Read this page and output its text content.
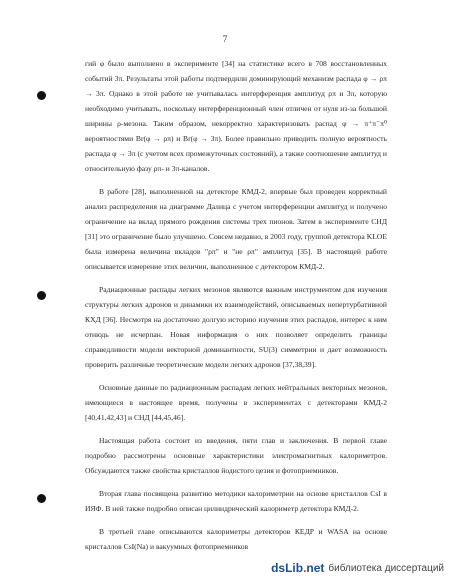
7

гий φ было выполнено в эксперименте [34] на статистике всего в 708 восстановленных событий 3π. Результаты этой работы подтвердили доминирующий механизм распада φ → ρπ → 3π. Однако в этой работе не учитывалась интерференция амплитуд ρπ и 3π, которую необходимо учитывать, поскольку интерференционный член отличен от нуля из-за большой ширины ρ-мезона. Таким образом, некорректно характеризовать распад φ → π⁺π⁻π⁰ вероятностями Br(φ → ρπ) и Br(φ → 3π). Более правильно приводить полную вероятность распада φ → 3π (с учетом всех промежуточных состояний), а также соотношение амплитуд и относительную фазу ρπ- и 3π-каналов.

В работе [28], выполненной на детекторе КМД-2, впервые был проведен корректный анализ распределения на диаграмме Далица с учетом интерференции амплитуд и получено ограничение на вклад прямого рождения системы трех пионов. Затем в эксперименте СНД [31] это ограничение было улучшено. Совсем недавно, в 2003 году, группой детектора KLOE была измерена величина вкладов "ρπ" и "не ρπ" амплитуд [35]. В настоящей работе описывается измерение этих величин, выполненное с детектором КМД-2.

Радиационные распады легких мезонов являются важным инструментом для изучения структуры легких адронов и динамики их взаимодействий, описываемых непертурбативной КХД [36]. Несмотря на достаточно долгую историю изучения этих распадов, интерес к ним отнюдь не исчерпан. Новая информация о них позволяет определить границы справедливости модели векторной доминантности, SU(3) симметрии и дает возможность проверить различные теоретические модели легких адронов [37,38,39].

Основные данные по радиационным распадам легких нейтральных векторных мезонов, имеющиеся в настоящее время, получены в экспериментах с детекторами КМД-2 [40,41,42,43] и СНД [44,45,46].

Настоящая работа состоит из введения, пяти глав и заключения. В первой главе подробно рассмотрены основные характеристики электромагнитных калориметров. Обсуждаются также свойства кристаллов йодистого цезия и фотоприемников.

Вторая глава посвящена развитию методики калориметрии на основе кристаллов CsI в ИЯФ. В ней также подробно описан цилиндрический калориметр детектора КМД-2.

В третьей главе описываются калориметры детекторов КЕДР и WASA на основе кристаллов CsI(Na) и вакуумных фотоприемников

dsLib.net библиотека диссертаций
